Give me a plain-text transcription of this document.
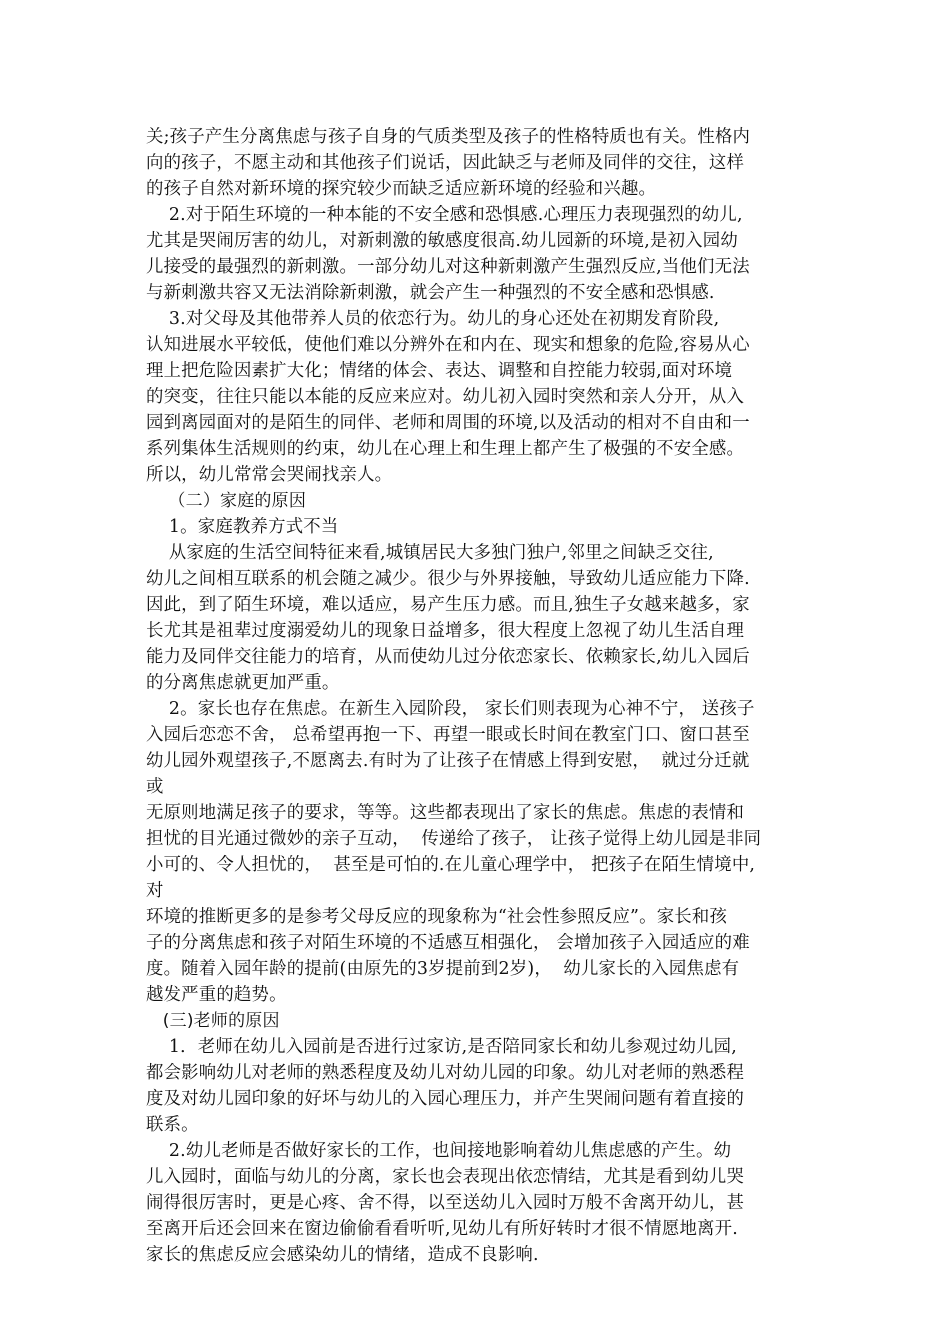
关;孩子产生分离焦虑与孩子自身的气质类型及孩子的性格特质也有关。性格内
向的孩子，不愿主动和其他孩子们说话，因此缺乏与老师及同伴的交往，这样
的孩子自然对新环境的探究较少而缺乏适应新环境的经验和兴趣。
2.对于陌生环境的一种本能的不安全感和恐惧感.心理压力表现强烈的幼儿,
尤其是哭闹厉害的幼儿，对新刺激的敏感度很高.幼儿园新的环境,是初入园幼
儿接受的最强烈的新刺激。一部分幼儿对这种新刺激产生强烈反应,当他们无法
与新刺激共容又无法消除新刺激，就会产生一种强烈的不安全感和恐惧感.
3.对父母及其他带养人员的依恋行为。幼儿的身心还处在初期发育阶段,
认知进展水平较低，使他们难以分辨外在和内在、现实和想象的危险,容易从心
理上把危险因素扩大化；情绪的体会、表达、调整和自控能力较弱,面对环境
的突变，往往只能以本能的反应来应对。幼儿初入园时突然和亲人分开，从入
园到离园面对的是陌生的同伴、老师和周围的环境,以及活动的相对不自由和一
系列集体生活规则的约束，幼儿在心理上和生理上都产生了极强的不安全感。
所以，幼儿常常会哭闹找亲人。
（二）家庭的原因
1。家庭教养方式不当
从家庭的生活空间特征来看,城镇居民大多独门独户,邻里之间缺乏交往,
幼儿之间相互联系的机会随之减少。很少与外界接触，导致幼儿适应能力下降.
因此，到了陌生环境，难以适应，易产生压力感。而且,独生子女越来越多，家
长尤其是祖辈过度溺爱幼儿的现象日益增多，很大程度上忽视了幼儿生活自理
能力及同伴交往能力的培育，从而使幼儿过分依恋家长、依赖家长,幼儿入园后
的分离焦虑就更加严重。
2。家长也存在焦虑。在新生入园阶段， 家长们则表现为心神不宁， 送孩子
入园后恋恋不舍， 总希望再抱一下、再望一眼或长时间在教室门口、窗口甚至
幼儿园外观望孩子,不愿离去.有时为了让孩子在情感上得到安慰，  就过分迁就
或
无原则地满足孩子的要求，等等。这些都表现出了家长的焦虑。焦虑的表情和
担忧的目光通过微妙的亲子互动，  传递给了孩子， 让孩子觉得上幼儿园是非同
小可的、令人担忧的，  甚至是可怕的.在儿童心理学中， 把孩子在陌生情境中,
对
环境的推断更多的是参考父母反应的现象称为“社会性参照反应”。家长和孩
子的分离焦虑和孩子对陌生环境的不适感互相强化， 会增加孩子入园适应的难
度。随着入园年龄的提前(由原先的3岁提前到2岁)，  幼儿家长的入园焦虑有
越发严重的趋势。
(三)老师的原因
1．老师在幼儿入园前是否进行过家访,是否陪同家长和幼儿参观过幼儿园,
都会影响幼儿对老师的熟悉程度及幼儿对幼儿园的印象。幼儿对老师的熟悉程
度及对幼儿园印象的好坏与幼儿的入园心理压力，并产生哭闹问题有着直接的
联系。
2.幼儿老师是否做好家长的工作，也间接地影响着幼儿焦虑感的产生。幼
儿入园时，面临与幼儿的分离，家长也会表现出依恋情结，尤其是看到幼儿哭
闹得很厉害时，更是心疼、舍不得，以至送幼儿入园时万般不舍离开幼儿，甚
至离开后还会回来在窗边偷偷看看听听,见幼儿有所好转时才很不情愿地离开.
家长的焦虑反应会感染幼儿的情绪，造成不良影响.
